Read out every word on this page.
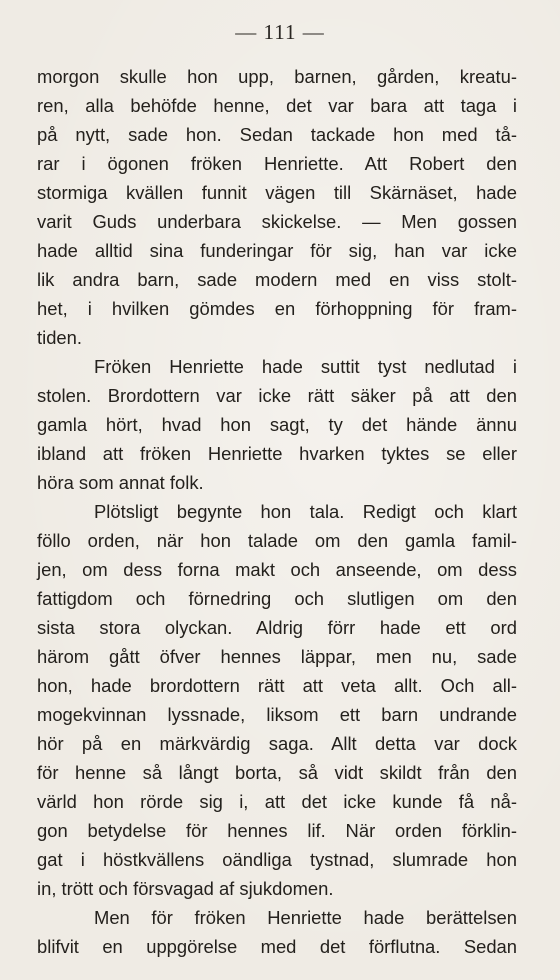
— 111 —
morgon skulle hon upp, barnen, gården, kreatu-
ren, alla behöfde henne, det var bara att taga i
på nytt, sade hon. Sedan tackade hon med tå-
rar i ögonen fröken Henriette. Att Robert den
stormiga kvällen funnit vägen till Skärnäset, hade
varit Guds underbara skickelse. — Men gossen
hade alltid sina funderingar för sig, han var icke
lik andra barn, sade modern med en viss stolt-
het, i hvilken gömdes en förhoppning för fram-
tiden.
Fröken Henriette hade suttit tyst nedlutad i
stolen. Brordottern var icke rätt säker på att den
gamla hört, hvad hon sagt, ty det hände ännu
ibland att fröken Henriette hvarken tyktes se eller
höra som annat folk.
Plötsligt begynte hon tala. Redigt och klart
föllo orden, när hon talade om den gamla famil-
jen, om dess forna makt och anseende, om dess
fattigdom och förnedring och slutligen om den
sista stora olyckan. Aldrig förr hade ett ord
härom gått öfver hennes läppar, men nu, sade
hon, hade brordottern rätt att veta allt. Och all-
mogekvinnan lyssnade, liksom ett barn undrande
hör på en märkvärdig saga. Allt detta var dock
för henne så långt borta, så vidt skildt från den
värld hon rörde sig i, att det icke kunde få nå-
gon betydelse för hennes lif. När orden förklin-
gat i höstkvällens oändliga tystnad, slumrade hon
in, trött och försvagad af sjukdomen.
Men för fröken Henriette hade berättelsen
blifvit en uppgörelse med det förflutna. Sedan
